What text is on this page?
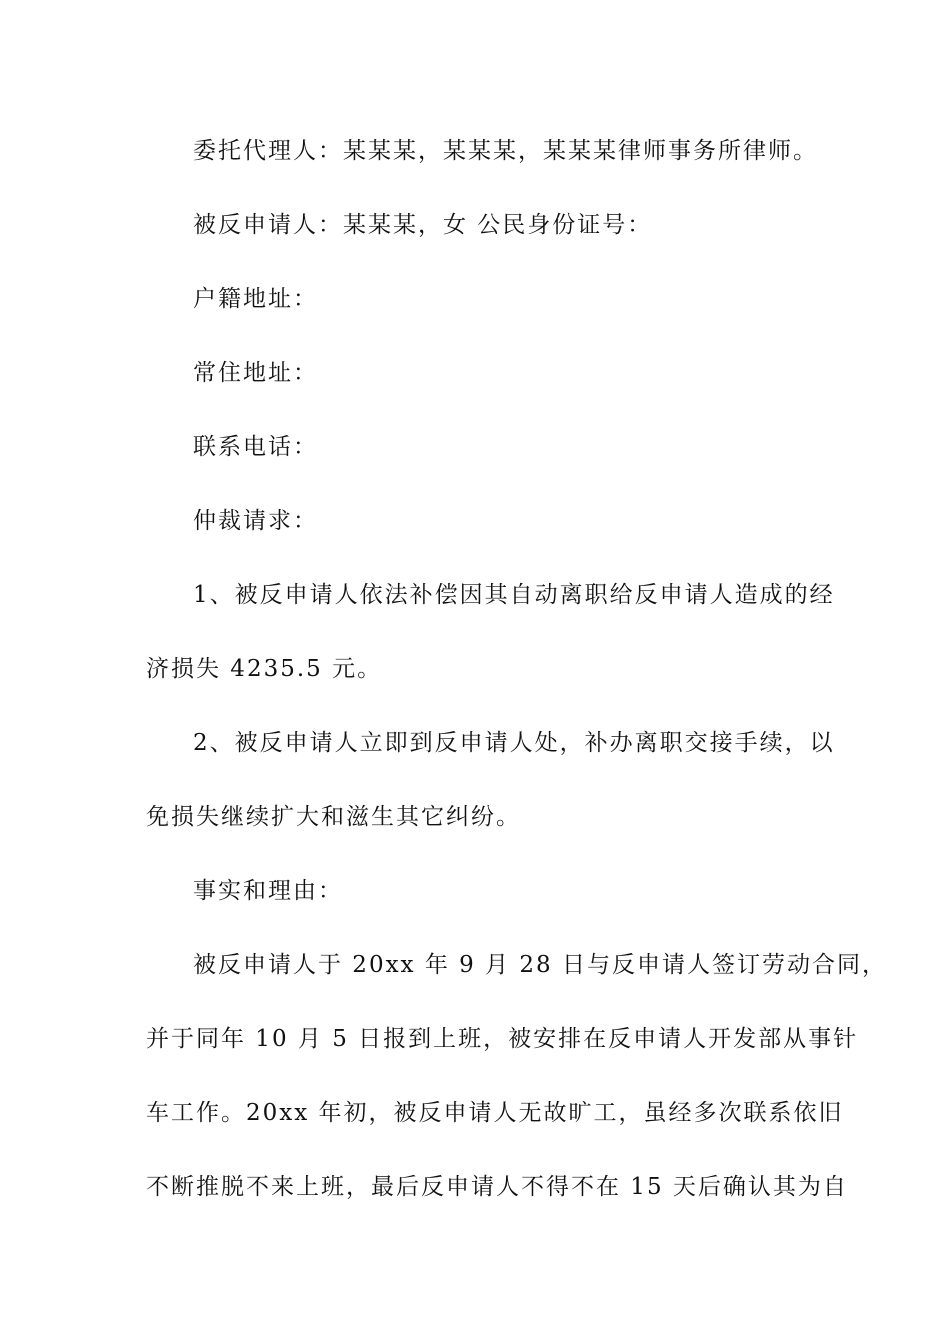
委托代理人：某某某，某某某，某某某律师事务所律师。
被反申请人：某某某，女 公民身份证号：
户籍地址：
常住地址：
联系电话：
仲裁请求：
1、被反申请人依法补偿因其自动离职给反申请人造成的经
济损失 4235.5 元。
2、被反申请人立即到反申请人处，补办离职交接手续，以
免损失继续扩大和滋生其它纠纷。
事实和理由：
被反申请人于 20xx 年 9 月 28 日与反申请人签订劳动合同，
并于同年 10 月 5 日报到上班，被安排在反申请人开发部从事针
车工作。20xx 年初，被反申请人无故旷工，虽经多次联系依旧
不断推脱不来上班，最后反申请人不得不在 15 天后确认其为自
